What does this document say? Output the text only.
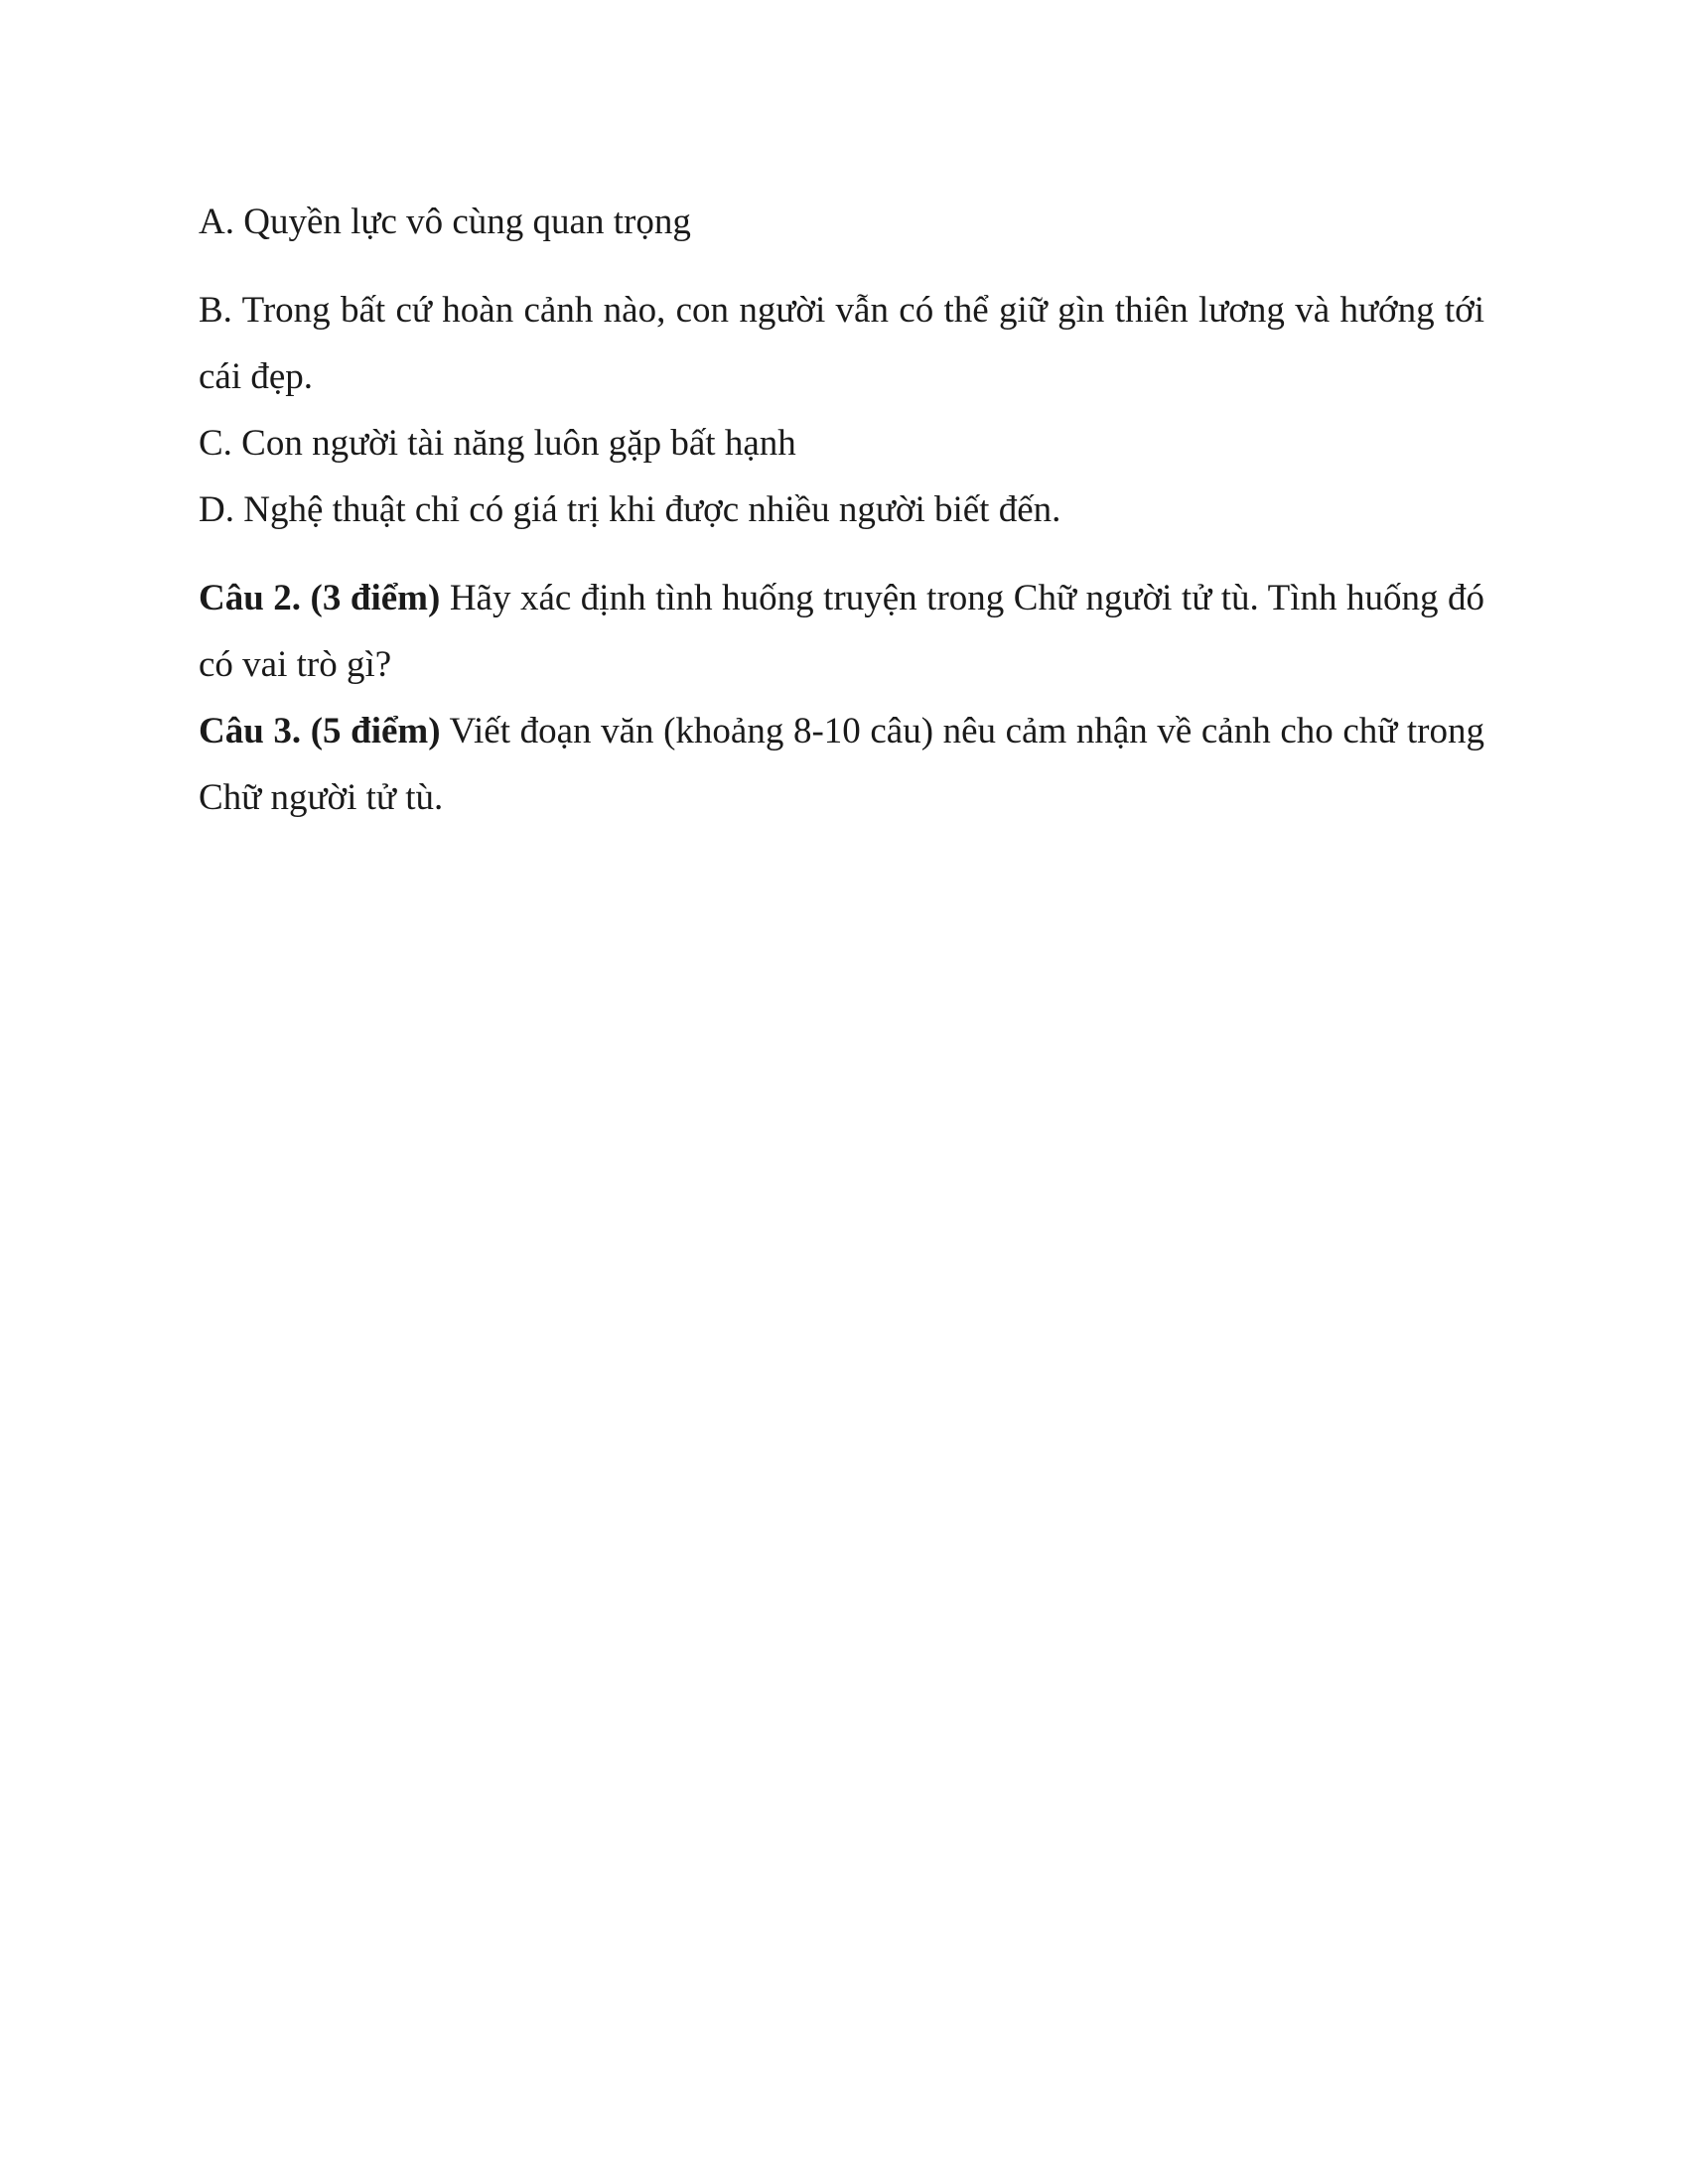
A. Quyền lực vô cùng quan trọng

B. Trong bất cứ hoàn cảnh nào, con người vẫn có thể giữ gìn thiên lương và hướng tới cái đẹp.

C. Con người tài năng luôn gặp bất hạnh

D. Nghệ thuật chỉ có giá trị khi được nhiều người biết đến.

Câu 2. (3 điểm) Hãy xác định tình huống truyện trong Chữ người tử tù. Tình huống đó có vai trò gì?

Câu 3. (5 điểm) Viết đoạn văn (khoảng 8-10 câu) nêu cảm nhận về cảnh cho chữ trong Chữ người tử tù.
